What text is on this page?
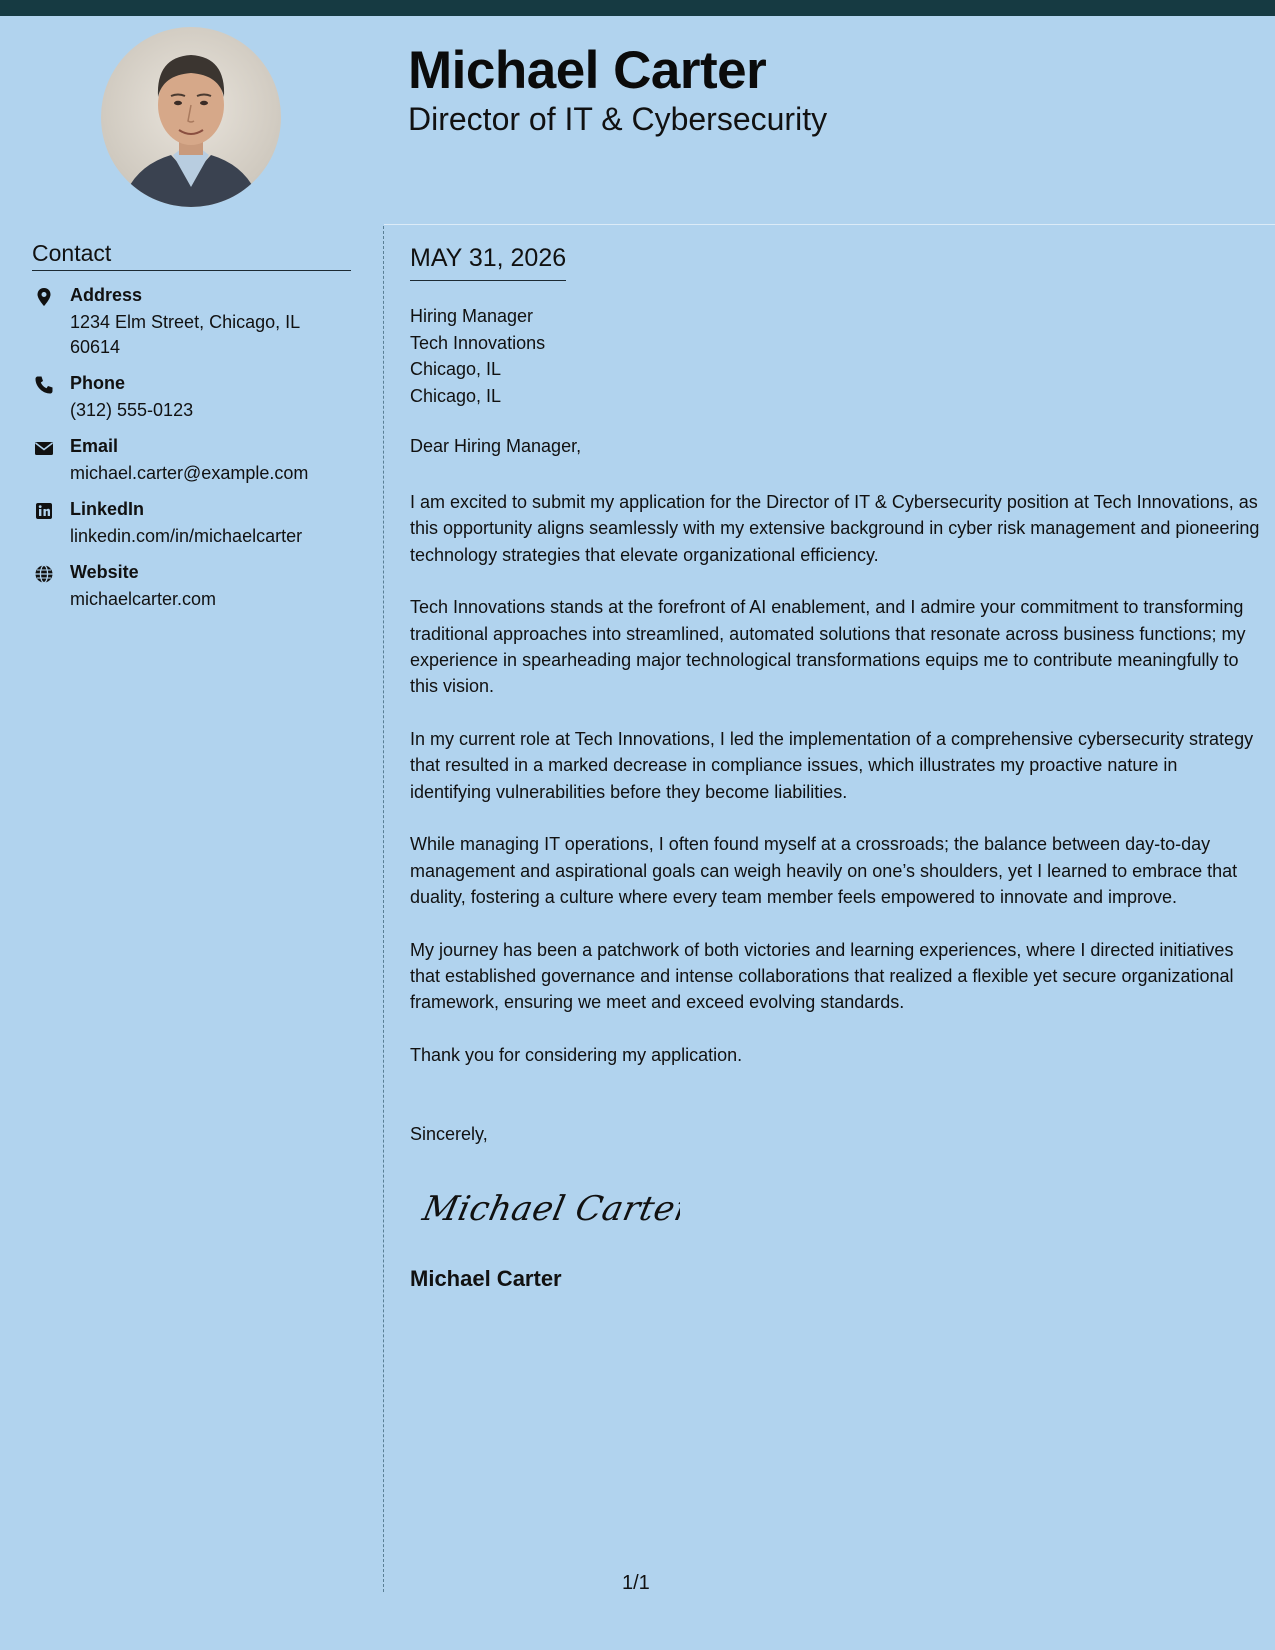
Michael Carter
Director of IT & Cybersecurity
Contact
Address
1234 Elm Street, Chicago, IL 60614
Phone
(312) 555-0123
Email
michael.carter@example.com
LinkedIn
linkedin.com/in/michaelcarter
Website
michaelcarter.com
MAY 31, 2026
Hiring Manager
Tech Innovations
Chicago, IL
Chicago, IL
Dear Hiring Manager,

I am excited to submit my application for the Director of IT & Cybersecurity position at Tech Innovations, as this opportunity aligns seamlessly with my extensive background in cyber risk management and pioneering technology strategies that elevate organizational efficiency.

Tech Innovations stands at the forefront of AI enablement, and I admire your commitment to transforming traditional approaches into streamlined, automated solutions that resonate across business functions; my experience in spearheading major technological transformations equips me to contribute meaningfully to this vision.

In my current role at Tech Innovations, I led the implementation of a comprehensive cybersecurity strategy that resulted in a marked decrease in compliance issues, which illustrates my proactive nature in identifying vulnerabilities before they become liabilities.

While managing IT operations, I often found myself at a crossroads; the balance between day-to-day management and aspirational goals can weigh heavily on one’s shoulders, yet I learned to embrace that duality, fostering a culture where every team member feels empowered to innovate and improve.

My journey has been a patchwork of both victories and learning experiences, where I directed initiatives that established governance and intense collaborations that realized a flexible yet secure organizational framework, ensuring we meet and exceed evolving standards.

Thank you for considering my application.

Sincerely,
Michael Carter
Michael Carter
1/1
